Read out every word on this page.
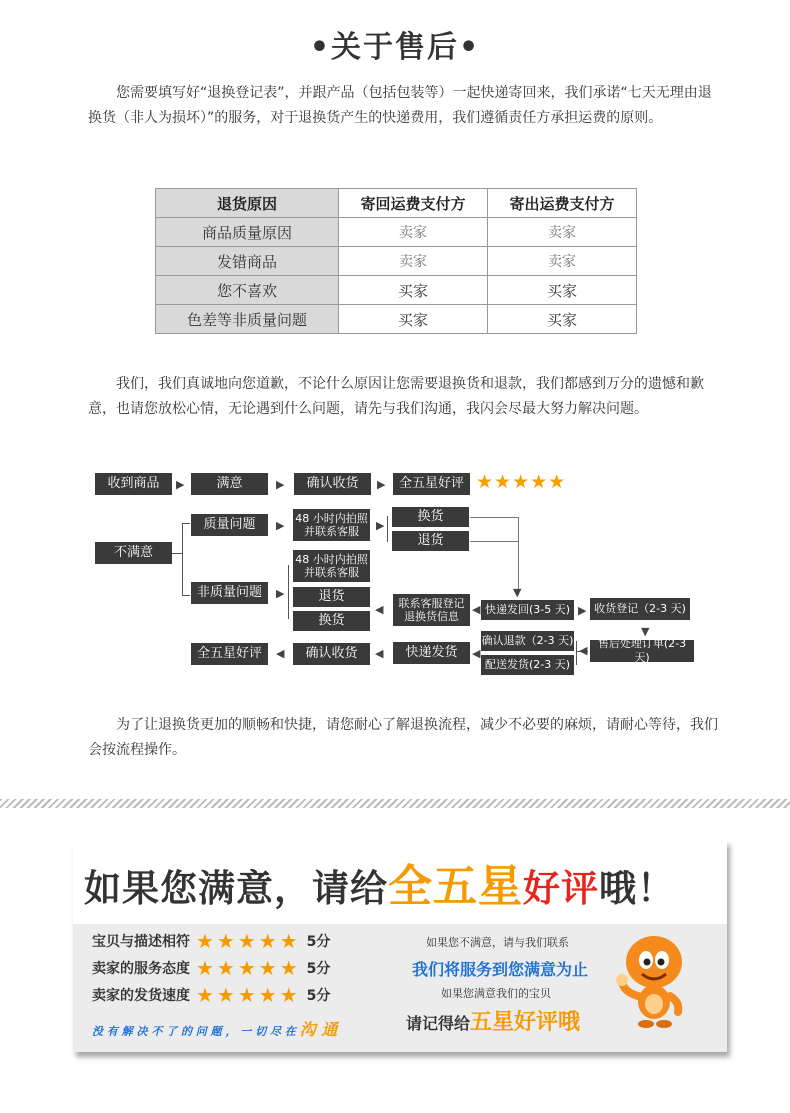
•关于售后•
您需要填写好“退换登记表”，并跟产品（包括包装等）一起快递寄回来，我们承诺“七天无理由退换货（非人为损坏）”的服务，对于退换货产生的快递费用，我们遵循责任方承担运费的原则。
退货原因	寄回运费支付方	寄出运费支付方
商品质量原因	卖家	卖家
发错商品	卖家	卖家
您不喜欢	买家	买家
色差等非质量问题	买家	买家
我们，我们真诚地向您道歉，不论什么原因让您需要退换货和退款，我们都感到万分的遗憾和歉意，也请您放松心情，无论遇到什么问题，请先与我们沟通，我闪会尽最大努力解决问题。
收到商品	▶	满意	▶	确认收货	▶	全五星好评 ★★★★★
不满意
质量问题	▶
48 小时内拍照
并联系客服	▶
换货
退货
▼
非质量问题	▶
48 小时内拍照
并联系客服
退货
换货
◀	联系客服登记
退换货信息
◀ 快递发回(3-5 天) ▶ 收货登记（2-3 天)
▼
确认退款（2-3 天)
配送发货(2-3 天)
◀
售后处理订单(2-3 天)
◀
快递发货
◀
确认收货
◀
全五星好评
为了让退换货更加的顺畅和快捷，请您耐心了解退换流程，减少不必要的麻烦，请耐心等待，我们会按流程操作。
如果您满意，请给全五星好评哦！
宝贝与描述相符 ★★★★★ 5分
卖家的服务态度 ★★★★★ 5分
卖家的发货速度 ★★★★★ 5分
没 有 解 决 不 了 的 问 题 ， 一 切 尽 在 沟 通
如果您不满意，请与我们联系
我们将服务到您满意为止
如果您满意我们的宝贝
请记得给五星好评哦
